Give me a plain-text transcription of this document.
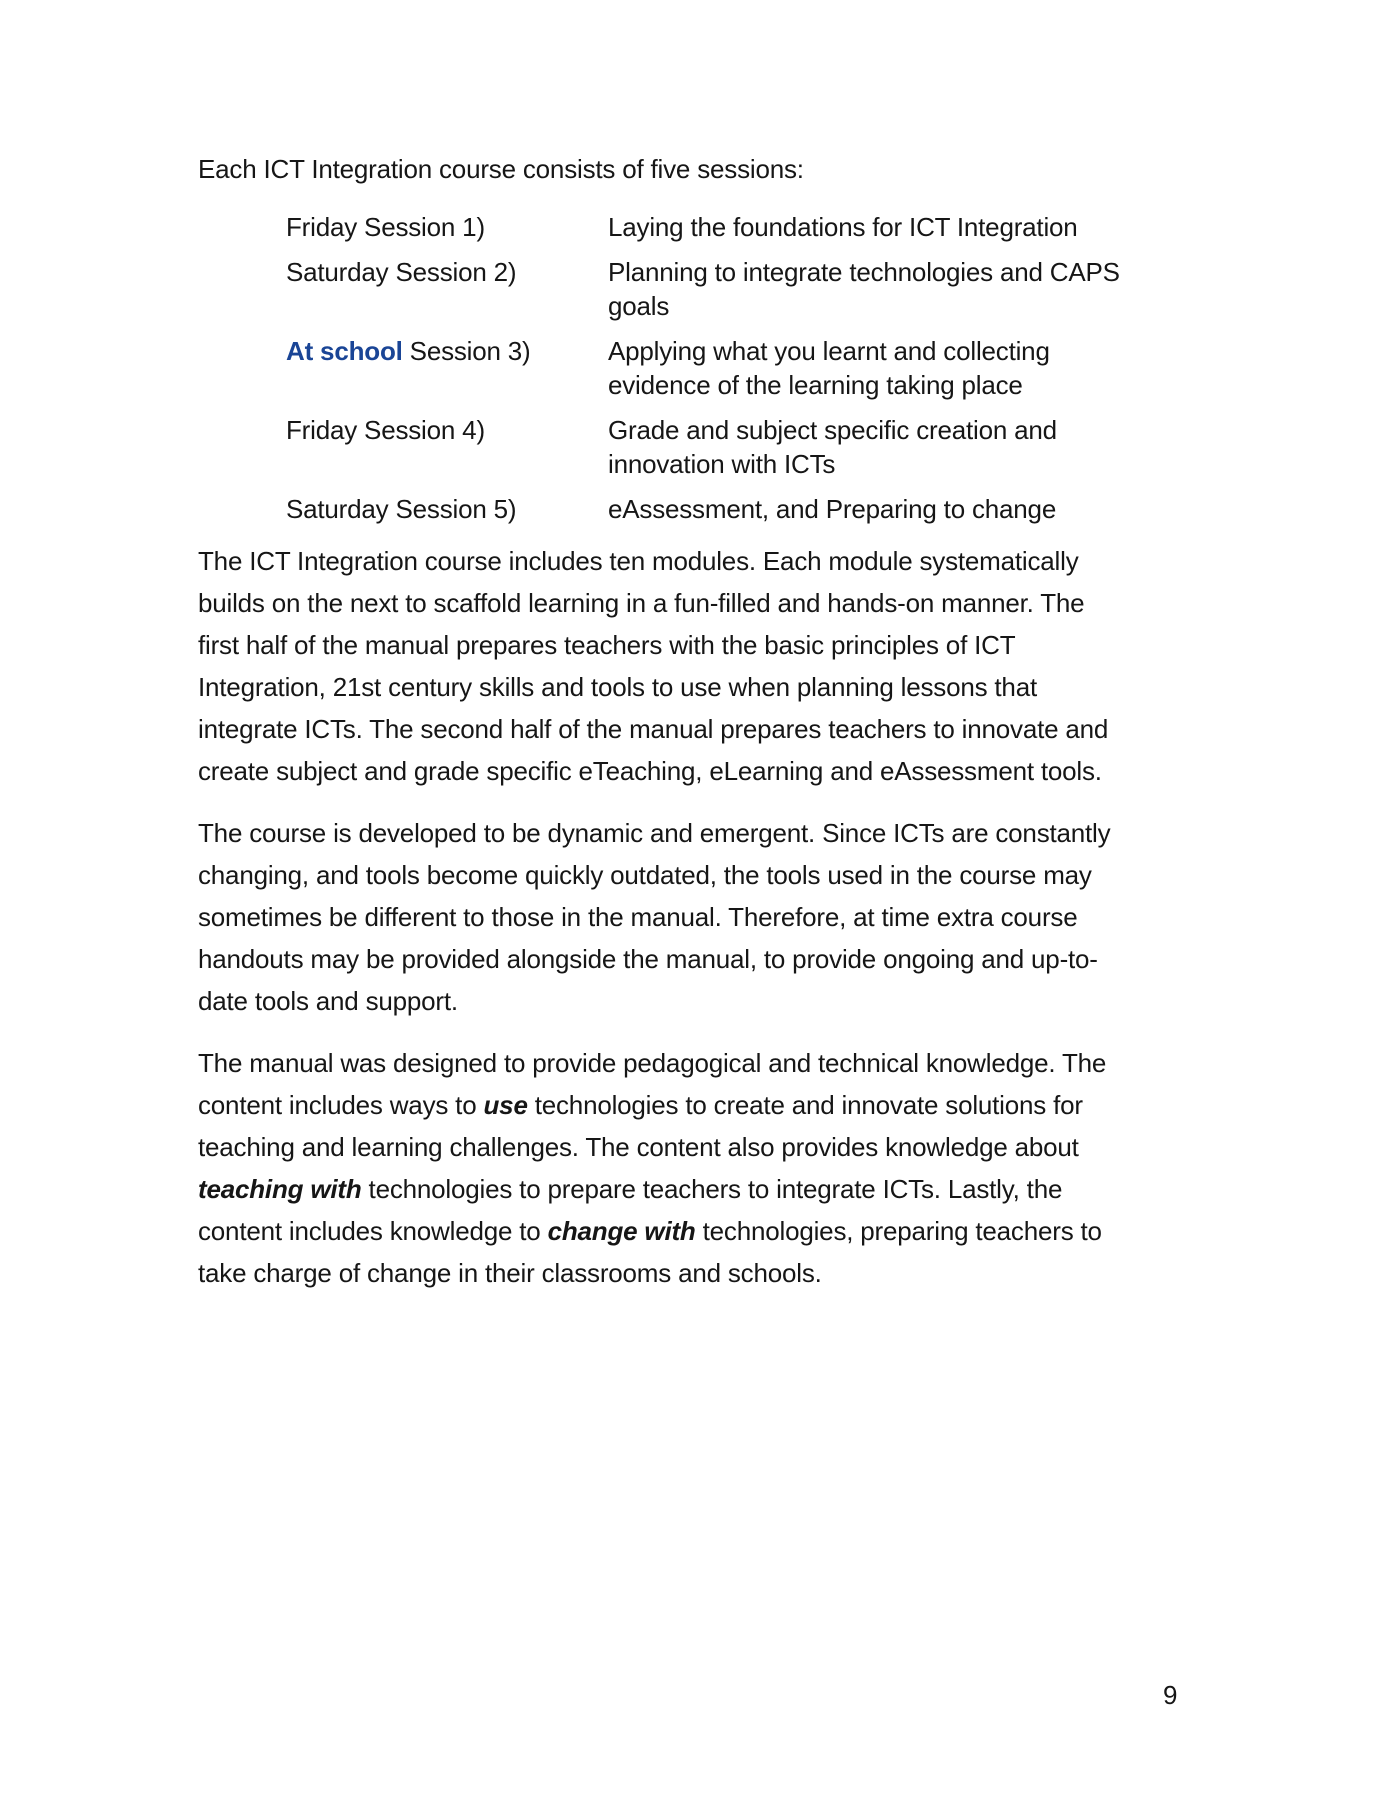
Each ICT Integration course consists of five sessions:

Friday Session 1)	Laying the foundations for ICT Integration
Saturday Session 2)	Planning to integrate technologies and CAPS
goals
At school Session 3)	Applying what you learnt and collecting
evidence of the learning taking place
Friday Session 4)	Grade and subject specific creation and
innovation with ICTs
Saturday Session 5)	eAssessment, and Preparing to change
The ICT Integration course includes ten modules. Each module systematically
builds on the next to scaffold learning in a fun-filled and hands-on manner. The
first half of the manual prepares teachers with the basic principles of ICT
Integration, 21st century skills and tools to use when planning lessons that
integrate ICTs. The second half of the manual prepares teachers to innovate and
create subject and grade specific eTeaching, eLearning and eAssessment tools.
The course is developed to be dynamic and emergent. Since ICTs are constantly
changing, and tools become quickly outdated, the tools used in the course may
sometimes be different to those in the manual. Therefore, at time extra course
handouts may be provided alongside the manual, to provide ongoing and up-to-
date tools and support.
The manual was designed to provide pedagogical and technical knowledge. The
content includes ways to use technologies to create and innovate solutions for
teaching and learning challenges. The content also provides knowledge about
teaching with technologies to prepare teachers to integrate ICTs. Lastly, the
content includes knowledge to change with technologies, preparing teachers to
take charge of change in their classrooms and schools.
9
